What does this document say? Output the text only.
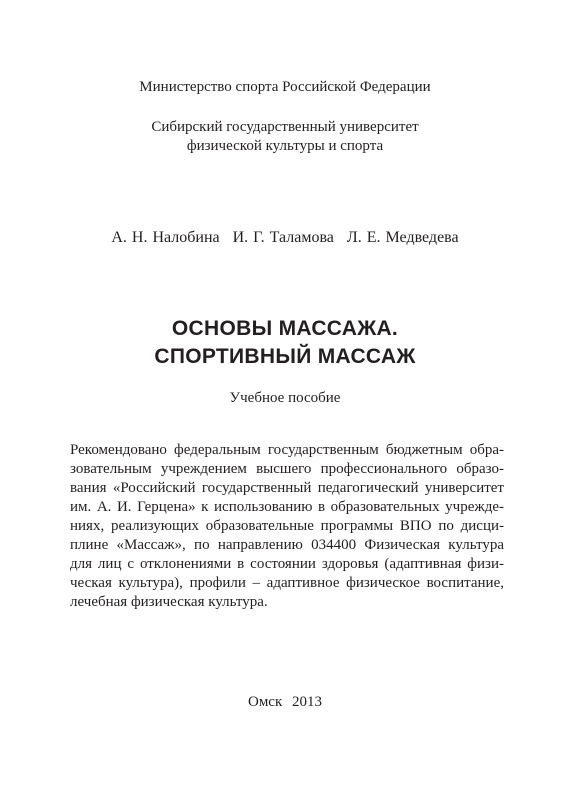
Министерство спорта Российской Федерации
Сибирский государственный университет
физической культуры и спорта
А. Н. Налобина И. Г. Таламова Л. Е. Медведева
ОСНОВЫ МАССАЖА.
СПОРТИВНЫЙ МАССАЖ
Учебное пособие
Рекомендовано федеральным государственным бюджетным обра-
зовательным учреждением высшего профессионального образо-
вания «Российский государственный педагогический университет
им. А. И. Герцена» к использованию в образовательных учрежде-
ниях, реализующих образовательные программы ВПО по дисци-
плине «Массаж», по направлению 034400 Физическая культура
для лиц с отклонениями в состоянии здоровья (адаптивная физи-
ческая культура), профили – адаптивное физическое воспитание,
лечебная физическая культура.
Омск 2013
